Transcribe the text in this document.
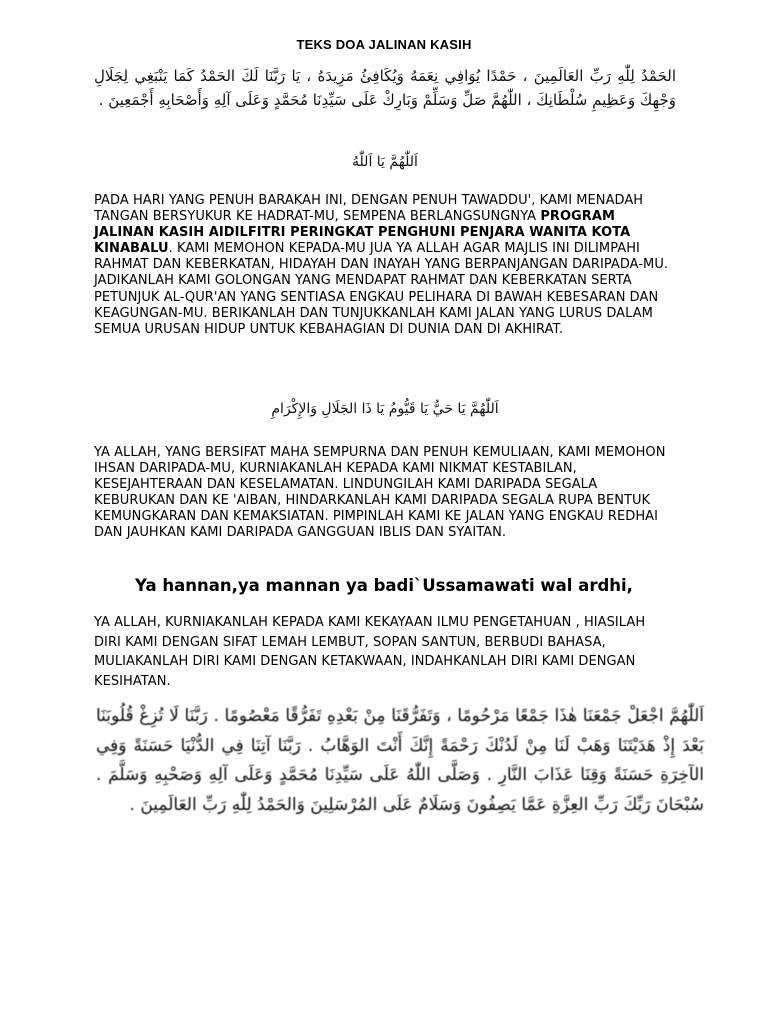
TEKS DOA JALINAN KASIH
الحَمْدُ لِلّٰهِ رَبِّ العَالَمِينَ ، حَمْدًا يُوَافِي نِعَمَهُ وَيُكَافِئُ مَزِيدَهُ ، يَا رَبَّنَا لَكَ الحَمْدُ كَمَا يَنْبَغِي لِجَلَالِ وَجْهِكَ وَعَظِيمِ سُلْطَانِكَ ، اللّٰهُمَّ صَلِّ وَسَلِّمْ وَبَارِكْ عَلَى سَيِّدِنَا مُحَمَّدٍ وَعَلَى آلِهِ وَأَصْحَابِهِ أَجْمَعِينَ .
اَللّٰهُمَّ يَا اَللّٰهُ
PADA HARI YANG PENUH BARAKAH INI, DENGAN PENUH TAWADDU', KAMI MENADAH TANGAN BERSYUKUR KE HADRAT-MU, SEMPENA BERLANGSUNGNYA PROGRAM JALINAN KASIH AIDILFITRI PERINGKAT PENGHUNI PENJARA WANITA KOTA KINABALU. KAMI MEMOHON KEPADA-MU JUA YA ALLAH AGAR MAJLIS INI DILIMPAHI RAHMAT DAN KEBERKATAN, HIDAYAH DAN INAYAH YANG BERPANJANGAN DARIPADA-MU. JADIKANLAH KAMI GOLONGAN YANG MENDAPAT RAHMAT DAN KEBERKATAN SERTA PETUNJUK AL-QUR'AN YANG SENTIASA ENGKAU PELIHARA DI BAWAH KEBESARAN DAN KEAGUNGAN-MU. BERIKANLAH DAN TUNJUKKANLAH KAMI JALAN YANG LURUS DALAM SEMUA URUSAN HIDUP UNTUK KEBAHAGIAN DI DUNIA DAN DI AKHIRAT.
اَللّٰهُمَّ يَا حَيُّ يَا قَيُّومُ يَا ذَا الجَلَالِ وَالإِكْرَامِ
YA ALLAH, YANG BERSIFAT MAHA SEMPURNA DAN PENUH KEMULIAAN, KAMI MEMOHON IHSAN DARIPADA-MU, KURNIAKANLAH KEPADA KAMI NIKMAT KESTABILAN, KESEJAHTERAAN DAN KESELAMATAN. LINDUNGILAH KAMI DARIPADA SEGALA KEBURUKAN DAN KE 'AIBAN, HINDARKANLAH KAMI DARIPADA SEGALA RUPA BENTUK KEMUNGKARAN DAN KEMAKSIATAN. PIMPINLAH KAMI KE JALAN YANG ENGKAU REDHAI DAN JAUHKAN KAMI DARIPADA GANGGUAN IBLIS DAN SYAITAN.
Ya hannan,ya mannan ya badi`Ussamawati wal ardhi,
YA ALLAH, KURNIAKANLAH KEPADA KAMI KEKAYAAN ILMU PENGETAHUAN , HIASILAH DIRI KAMI DENGAN SIFAT LEMAH LEMBUT, SOPAN SANTUN, BERBUDI BAHASA, MULIAKANLAH DIRI KAMI DENGAN KETAKWAAN, INDAHKANLAH DIRI KAMI DENGAN KESIHATAN.
اَللّٰهُمَّ اجْعَلْ جَمْعَنَا هٰذَا جَمْعًا مَرْحُومًا ، وَتَفَرُّقَنَا مِنْ بَعْدِهِ تَفَرُّقًا مَعْصُومًا . رَبَّنَا لَا تُزِغْ قُلُوبَنَا بَعْدَ إِذْ هَدَيْتَنَا وَهَبْ لَنَا مِنْ لَدُنْكَ رَحْمَةً إِنَّكَ أَنْتَ الوَهَّابُ . رَبَّنَا آتِنَا فِي الدُّنْيَا حَسَنَةً وَفِي الآخِرَةِ حَسَنَةً وَقِنَا عَذَابَ النَّارِ . وَصَلَّى اللّٰهُ عَلَى سَيِّدِنَا مُحَمَّدٍ وَعَلَى آلِهِ وَصَحْبِهِ وَسَلَّمَ . سُبْحَانَ رَبِّكَ رَبِّ العِزَّةِ عَمَّا يَصِفُونَ وَسَلَامٌ عَلَى المُرْسَلِينَ وَالحَمْدُ لِلّٰهِ رَبِّ العَالَمِينَ .
